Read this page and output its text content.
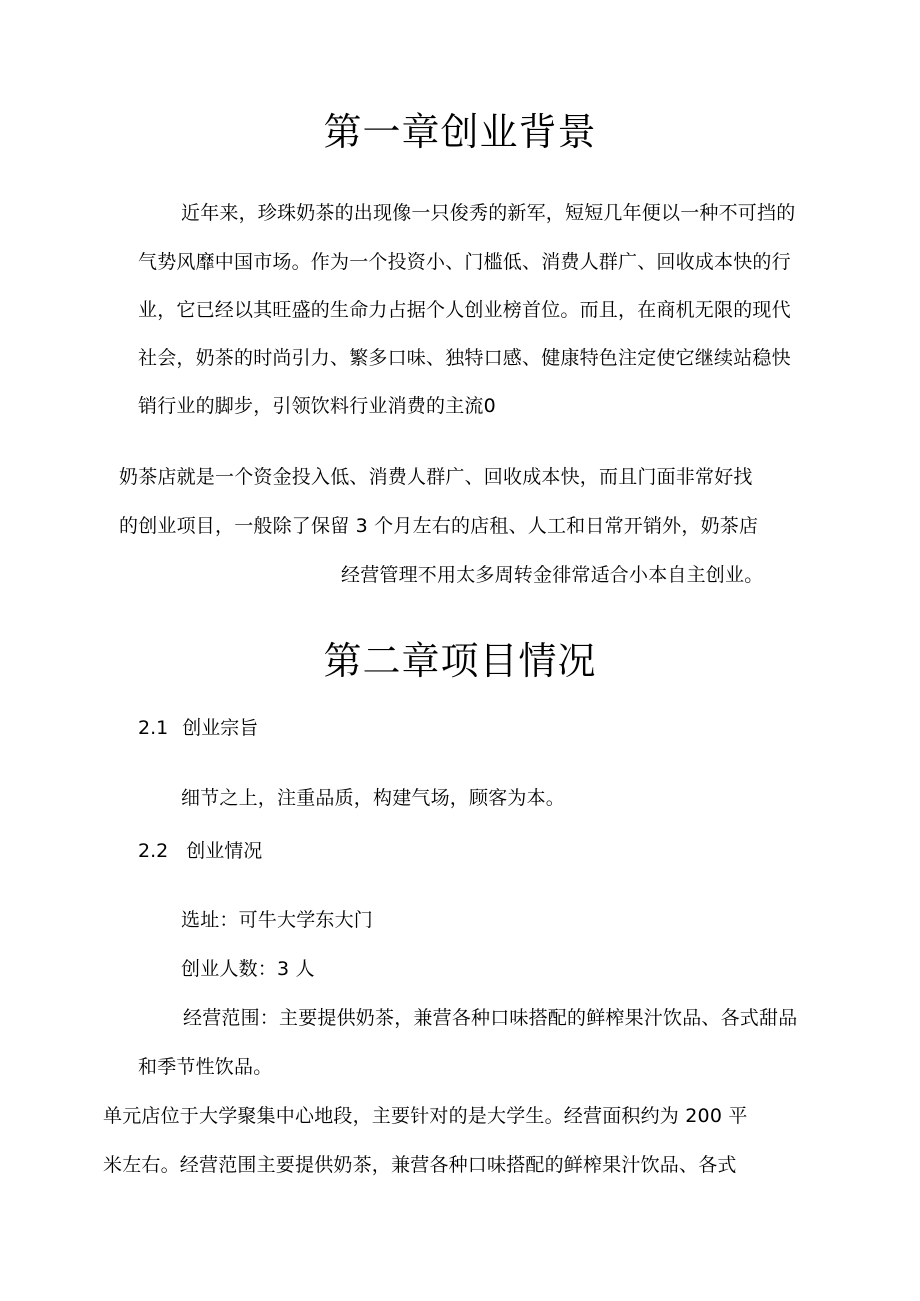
第一章创业背景
近年来，珍珠奶茶的出现像一只俊秀的新军，短短几年便以一种不可挡的
气势风靡中国市场。作为一个投资小、门槛低、消费人群广、回收成本快的行
业，它已经以其旺盛的生命力占据个人创业榜首位。而且，在商机无限的现代
社会，奶茶的时尚引力、繁多口味、独特口感、健康特色注定使它继续站稳快
销行业的脚步，引领饮料行业消费的主流0
奶茶店就是一个资金投入低、消费人群广、回收成本快，而且门面非常好找
的创业项目，一般除了保留 3 个月左右的店租、人工和日常开销外，奶茶店
经营管理不用太多周转金徘常适合小本自主创业。
第二章项目情况
2.1 创业宗旨
细节之上，注重品质，构建气场，顾客为本。
2.2 创业情况
选址：可牛大学东大门
创业人数：3 人
经营范围：主要提供奶茶，兼营各种口味搭配的鲜榨果汁饮品、各式甜品
和季节性饮品。
单元店位于大学聚集中心地段，主要针对的是大学生。经营面积约为 200 平
米左右。经营范围主要提供奶茶，兼营各种口味搭配的鲜榨果汁饮品、各式
